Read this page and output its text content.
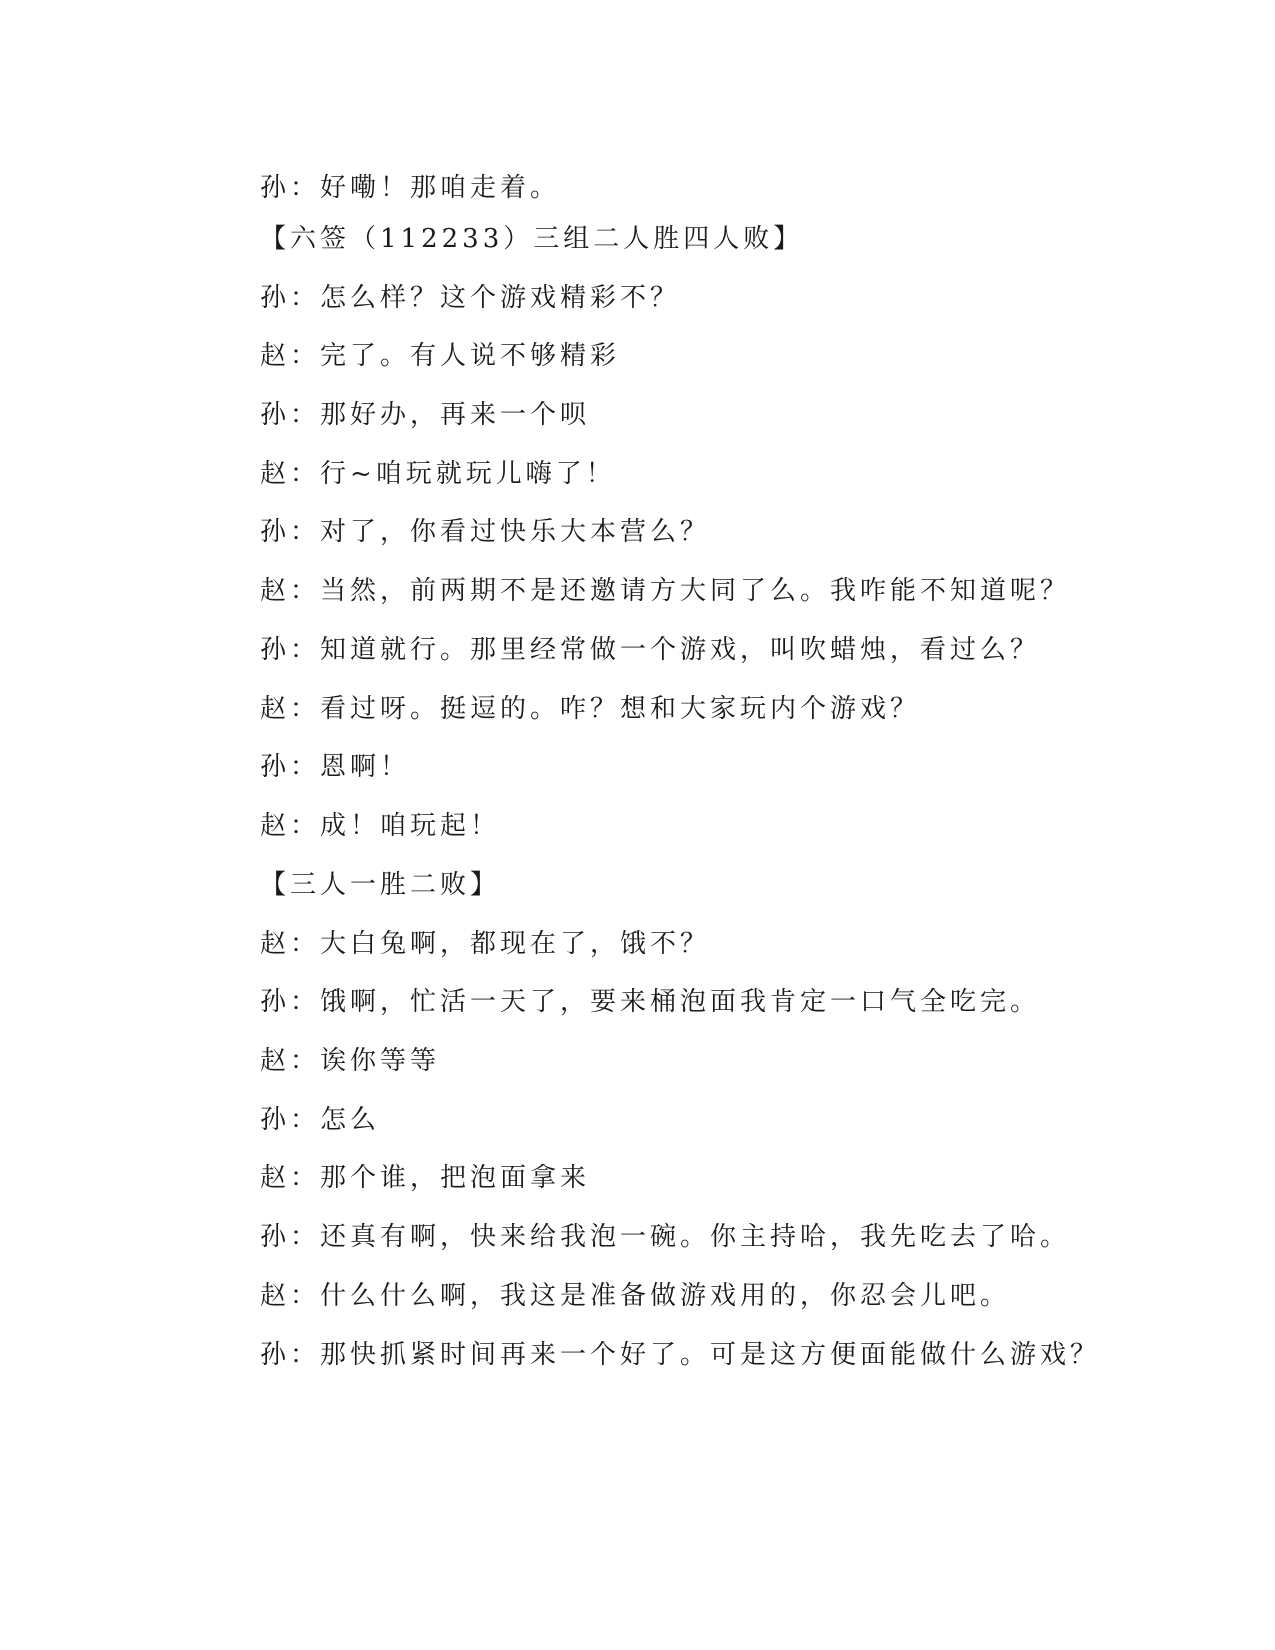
孙：好嘞！那咱走着。
【六签（112233）三组二人胜四人败】
孙：怎么样？这个游戏精彩不？
赵：完了。有人说不够精彩
孙：那好办，再来一个呗
赵：行~咱玩就玩儿嗨了！
孙：对了，你看过快乐大本营么？
赵：当然，前两期不是还邀请方大同了么。我咋能不知道呢？
孙：知道就行。那里经常做一个游戏，叫吹蜡烛，看过么？
赵：看过呀。挺逗的。咋？想和大家玩内个游戏？
孙：恩啊！
赵：成！咱玩起！
【三人一胜二败】
赵：大白兔啊，都现在了，饿不？
孙：饿啊，忙活一天了，要来桶泡面我肯定一口气全吃完。
赵：诶你等等
孙：怎么
赵：那个谁，把泡面拿来
孙：还真有啊，快来给我泡一碗。你主持哈，我先吃去了哈。
赵：什么什么啊，我这是准备做游戏用的，你忍会儿吧。
孙：那快抓紧时间再来一个好了。可是这方便面能做什么游戏？
